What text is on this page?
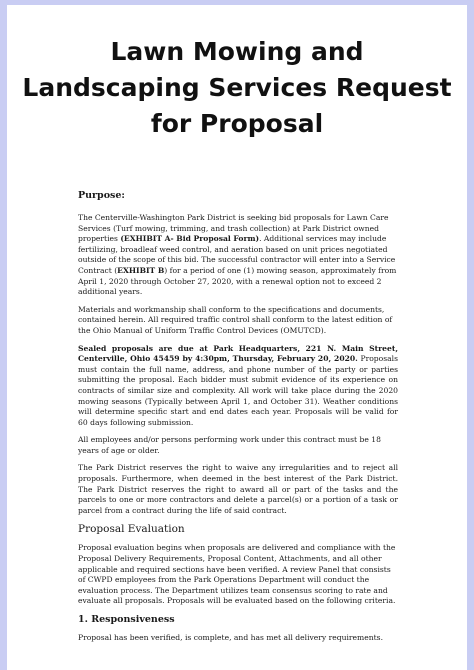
Lawn Mowing and Landscaping Services Request for Proposal
Purpose:

The Centerville-Washington Park District is seeking bid proposals for Lawn Care Services (Turf mowing, trimming, and trash collection) at Park District owned properties (EXHIBIT A- Bid Proposal Form). Additional services may include fertilizing, broadleaf weed control, and aeration based on unit prices negotiated outside of the scope of this bid. The successful contractor will enter into a Service Contract (EXHIBIT B) for a period of one (1) mowing season, approximately from April 1, 2020 through October 27, 2020, with a renewal option not to exceed 2 additional years.

Materials and workmanship shall conform to the specifications and documents, contained herein. All required traffic control shall conform to the latest edition of the Ohio Manual of Uniform Traffic Control Devices (OMUTCD).

Sealed proposals are due at Park Headquarters, 221 N. Main Street, Centerville, Ohio 45459 by 4:30pm, Thursday, February 20, 2020. Proposals must contain the full name, address, and phone number of the party or parties submitting the proposal. Each bidder must submit evidence of its experience on contracts of similar size and complexity. All work will take place during the 2020 mowing seasons (Typically between April 1, and October 31). Weather conditions will determine specific start and end dates each year. Proposals will be valid for 60 days following submission.

All employees and/or persons performing work under this contract must be 18 years of age or older.

The Park District reserves the right to waive any irregularities and to reject all proposals. Furthermore, when deemed in the best interest of the Park District. The Park District reserves the right to award all or part of the tasks and the parcels to one or more contractors and delete a parcel(s) or a portion of a task or parcel from a contract during the life of said contract.

Proposal Evaluation

Proposal evaluation begins when proposals are delivered and compliance with the Proposal Delivery Requirements, Proposal Content, Attachments, and all other applicable and required sections have been verified. A review Panel that consists of CWPD employees from the Park Operations Department will conduct the evaluation process. The Department utilizes team consensus scoring to rate and evaluate all proposals. Proposals will be evaluated based on the following criteria.

1. Responsiveness

Proposal has been verified, is complete, and has met all delivery requirements.
